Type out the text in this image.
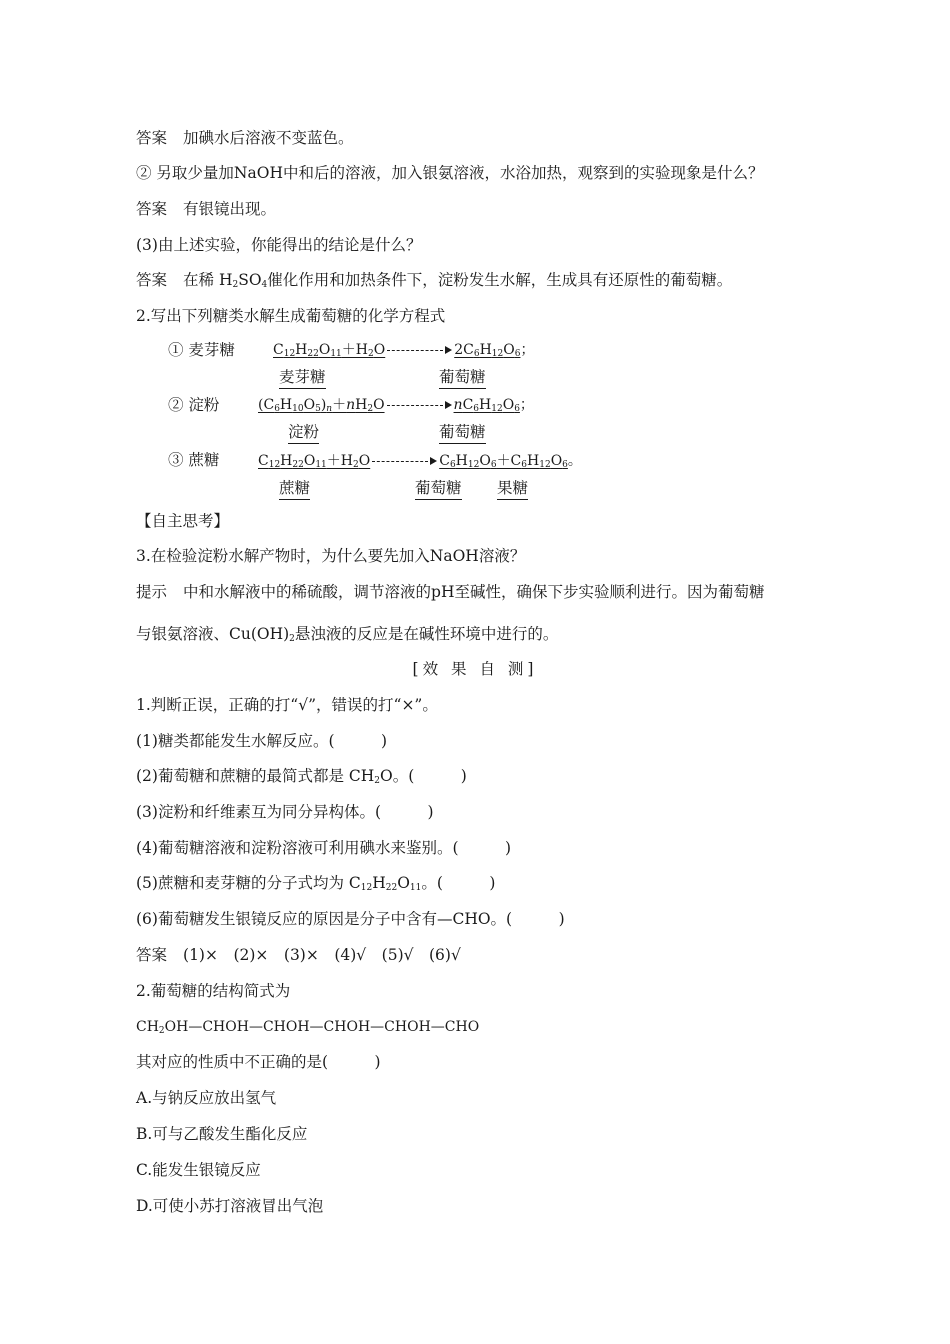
答案 加碘水后溶液不变蓝色。
② 另取少量加NaOH中和后的溶液，加入银氨溶液，水浴加热，观察到的实验现象是什么？
答案 有银镜出现。
(3)由上述实验，你能得出的结论是什么？
答案 在稀 $H_2SO_4$催化作用和加热条件下，淀粉发生水解，生成具有还原性的葡萄糖。
2.写出下列糖类水解生成葡萄糖的化学方程式
① 麦芽糖	$C_{12}H_{22}O_{11}+H_2O$	$2C_6H_{12}O_6$；
麦芽糖	葡萄糖
② 淀粉	$(C_6H_{10}O_5)_n+nH_2O$	$nC_6H_{12}O_6$；
淀粉	葡萄糖
③ 蔗糖	$C_{12}H_{22}O_{11}+H_2O$	$C_6H_{12}O_6+C_6H_{12}O_6$。
蔗糖	葡萄糖 果糖
【自主思考】
3.在检验淀粉水解产物时，为什么要先加入NaOH溶液？
提示 中和水解液中的稀硫酸，调节溶液的pH至碱性，确保下步实验顺利进行。因为葡萄糖
与银氨溶液、$Cu(OH)_2$悬浊液的反应是在碱性环境中进行的。
[效 果 自 测]
1.判断正误，正确的打“√”，错误的打“×”。
(1)糖类都能发生水解反应。(　　　)
(2)葡萄糖和蔗糖的最简式都是 $CH_2O$。(　　　)
(3)淀粉和纤维素互为同分异构体。(　　　)
(4)葡萄糖溶液和淀粉溶液可利用碘水来鉴别。(　　　)
(5)蔗糖和麦芽糖的分子式均为 $C_{12}H_{22}O_{11}$。(　　　)
(6)葡萄糖发生银镜反应的原因是分子中含有—CHO。(　　　)
答案 (1)×　(2)×　(3)×　(4)√　(5)√　(6)√
2.葡萄糖的结构简式为
$CH_2OH—CHOH—CHOH—CHOH—CHOH—CHO$
其对应的性质中不正确的是(　　　)
A.与钠反应放出氢气
B.可与乙酸发生酯化反应
C.能发生银镜反应
D.可使小苏打溶液冒出气泡
